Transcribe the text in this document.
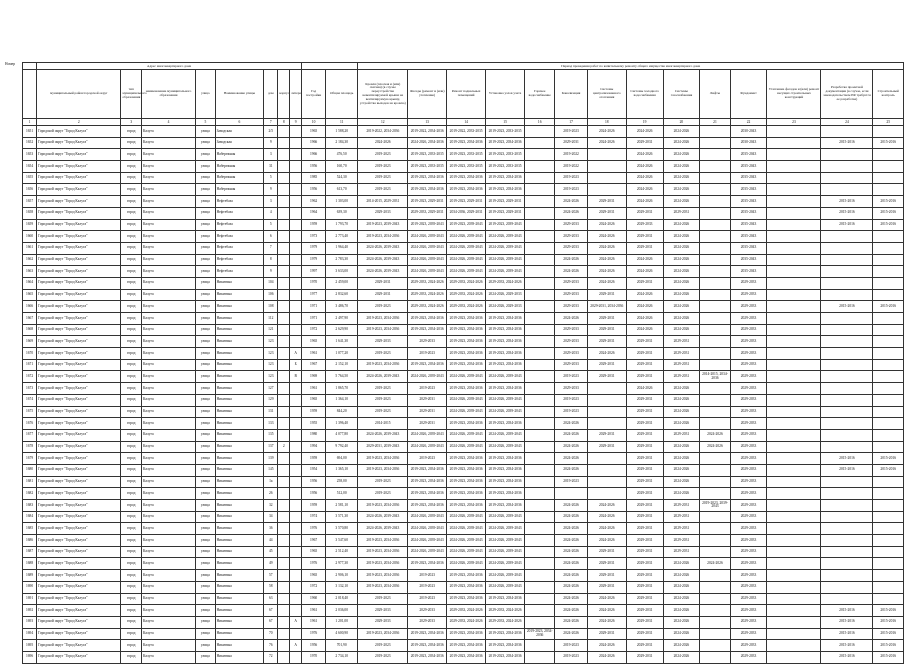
Номер
		Адрес многоквартирного дома										Период проведения работ по капитальному ремонту общего имущества многоквартирного дома													
	муниципальный район/городской округ	тип муниципального образования	наименование муниципального образования	улица	Наименование улицы	дом	корпус	литера	Год постройки	Общая площадь	Кровля (плоская и (или) скатная) (в случае переустройства невентилируемой крыши на вентилируемую крышу, устройства выходов на кровлю)	Фасады (ремонт и (или) утепление)	Ремонт подвальных помещений	Установка узлов учета	Горячее водоснабжение	Канализация	Системы централизованного отопления	Системы холодного водоснабжения	Системы газоснабжения	Лифты	Фундамент	Утепление фасадов и (или) ремонт несущих строительных конструкций	Разработка проектной документации (в случае, если законодательством РФ требуется ее разработка)	Строительный контроль
1	2	3	4	5	6	7	8	9	10	11	12	13	14	15	16	17	18	19	20	21	22	23	24	25
1651	Городской округ "Город Калуга"	город	Калуга	улица	Заводская	2/5			1965	1 588,20	2019-2022, 2034-2036	2019-2022, 2034-2036	2019-2022, 2033-2035	2019-2023, 2033-2035		2019-2023	2024-2026	2024-2026	2024-2026		2030-2043			
1652	Городской округ "Город Калуга"	город	Калуга	улица	Заводская	9			1966	2 184,30	2024-2026	2024-2026, 2034-2036	2019-2023, 2034-2036	2019-2023, 2034-2036		2029-2031	2024-2026	2029-2031	2024-2026		2030-2043		2015-2016	2015-2016
1653	Городской округ "Город Калуга"	город	Калуга	улица	Набережная	3			1966	476,50	2019-2023	2019-2023, 2033-2035	2019-2023, 2033-2035	2019-2023, 2033-2035		2019-2022		2024-2026	2024-2026		2035-2043			
1654	Городской округ "Город Калуга"	город	Калуга	улица	Набережная	31			1956	160,70	2019-2023	2019-2023, 2033-2035	2019-2023, 2033-2035	2019-2023, 2033-2035		2019-2022		2024-2026	2024-2026		2035-2043			
1655	Городской округ "Город Калуга"	город	Калуга	улица	Набережная	5			1985	524,30	2019-2023	2019-2023, 2034-2036	2019-2023, 2034-2036	2019-2023, 2034-2036		2019-2023		2024-2026	2024-2026		2035-2043			
1656	Городской округ "Город Калуга"	город	Калуга	улица	Набережная	9			1956	613,70	2019-2023	2019-2023, 2034-2036	2019-2023, 2034-2036	2019-2023, 2034-2036		2019-2023		2024-2026	2024-2026		2035-2043			
1657	Городской округ "Город Калуга"	город	Калуга	улица	Нефтебаза	3			1962	1 303,00	2014-2015, 2029-2031	2019-2023, 2029-2031	2019-2023, 2029-2031	2019-2023, 2029-2031		2024-2026	2029-2031	2024-2026	2024-2026		2035-2043		2015-2016	2015-2016
1658	Городской округ "Город Калуга"	город	Калуга	улица	Нефтебаза	4			1964	639,30	2029-2033	2029-2033, 2029-2031	2034-2036, 2029-2031	2019-2023, 2029-2031		2024-2026	2029-2031	2029-2031	2029-2031		2035-2043		2015-2016	2015-2016
1659	Городской округ "Город Калуга"	город	Калуга	улица	Нефтебаза	5			1959	1 793,70	2019-2023, 2039-2043	2019-2023, 2039-2043	2019-2023, 2039-2043	2019-2023, 2039-2043		2029-2033	2024-2026	2029-2033	2024-2026		2035-2043		2015-2016	2015-2016
1660	Городской округ "Город Калуга"	город	Калуга	улица	Нефтебаза	6			1973	2 773,40	2019-2023, 2034-2036	2024-2026, 2039-2043	2024-2026, 2039-2043	2024-2026, 2039-2043		2029-2033	2024-2026	2029-2031	2024-2026		2035-2043			
1661	Городской округ "Город Калуга"	город	Калуга	улица	Нефтебаза	7			1979	1 964,40	2024-2026, 2039-2043	2024-2026, 2039-2043	2024-2026, 2039-2043	2024-2026, 2039-2043		2029-2033	2024-2026	2029-2031	2024-2026		2035-2043			
1662	Городской округ "Город Калуга"	город	Калуга	улица	Нефтебаза	8			1979	2 783,30	2024-2026, 2039-2043	2024-2026, 2039-2043	2024-2026, 2039-2043	2024-2026, 2039-2043		2024-2026	2024-2026	2024-2026	2024-2026		2035-2043			
1663	Городской округ "Город Калуга"	город	Калуга	улица	Нефтебаза	9			1997	3 633,00	2024-2026, 2039-2043	2024-2026, 2039-2043	2024-2026, 2039-2043	2024-2026, 2039-2043		2024-2026	2024-2026	2024-2026	2024-2026		2035-2043			
1664	Городской округ "Город Калуга"	город	Калуга	улица	Никитина	104			1970	2 459,00	2029-2031	2029-2033, 2024-2026	2029-2033, 2024-2026	2029-2033, 2024-2026		2029-2033	2024-2026	2029-2031	2024-2026		2029-2033			
1665	Городской округ "Город Калуга"	город	Калуга	улица	Никитина	106			1977	2 832,60	2029-2031	2029-2033, 2024-2026	2029-2033, 2024-2026	2024-2026, 2029-2033		2029-2033	2029-2031	2024-2026	2024-2026		2029-2033			
1666	Городской округ "Город Калуга"	город	Калуга	улица	Никитина	108			1971	3 486,70	2019-2023	2029-2033, 2024-2026	2029-2033, 2024-2026	2024-2026, 2029-2033		2029-2033	2029-2031, 2034-2036	2024-2026	2024-2026		2029-2033		2015-2016	2015-2016
1667	Городской округ "Город Калуга"	город	Калуга	улица	Никитина	112			1971	2 497,90	2019-2023, 2034-2036	2019-2023, 2034-2036	2019-2023, 2034-2036	2019-2023, 2034-2036		2024-2026	2029-2031	2024-2026	2024-2026		2029-2033			
1668	Городской округ "Город Калуга"	город	Калуга	улица	Никитина	121			1972	2 629,90	2019-2023, 2034-2036	2019-2023, 2034-2036	2019-2023, 2034-2036	2019-2023, 2034-2036		2029-2033	2029-2031	2024-2026	2024-2026		2029-2033			
1669	Городской округ "Город Калуга"	город	Калуга	улица	Никитина	123			1965	1 641,30	2029-2033	2029-2033	2019-2023, 2034-2036	2019-2023, 2034-2036		2029-2033	2029-2031	2029-2031	2029-2031		2029-2033			
1670	Городской округ "Город Калуга"	город	Калуга	улица	Никитина	123		А	1961	1 077,20	2019-2023	2019-2023	2019-2023, 2034-2036	2019-2023, 2034-2036		2029-2033	2024-2026	2029-2031	2029-2031		2029-2033			
1671	Городской округ "Город Калуга"	город	Калуга	улица	Никитина	123		Б	1967	2 152,10	2019-2023, 2034-2036	2019-2023, 2034-2036	2019-2023, 2034-2036	2019-2023, 2034-2036		2029-2033	2029-2031	2029-2031	2029-2031		2029-2033			
1672	Городской округ "Город Калуга"	город	Калуга	улица	Никитина	123		В	1969	5 764,50	2024-2026, 2039-2043	2024-2026, 2039-2043	2024-2026, 2039-2043	2024-2026, 2039-2043		2019-2023	2029-2031	2029-2031	2029-2031	2014-2015, 2034-2036	2029-2033			
1673	Городской округ "Город Калуга"	город	Калуга	улица	Никитина	127			1961	1 865,70	2019-2023	2019-2023	2019-2023, 2034-2036	2019-2023, 2034-2036		2029-2033		2024-2026	2024-2026		2029-2033			
1674	Городской округ "Город Калуга"	город	Калуга	улица	Никитина	129			1965	1 364,10	2019-2023	2029-2031	2024-2026, 2039-2043	2024-2026, 2039-2043		2019-2023		2029-2031	2024-2026		2029-2033			
1675	Городской округ "Город Калуга"	город	Калуга	улица	Никитина	131			1959	844,20	2019-2023	2029-2031	2024-2026, 2039-2043	2024-2026, 2039-2043		2019-2023		2029-2031	2024-2026		2029-2033			
1676	Городской округ "Город Калуга"	город	Калуга	улица	Никитина	133			1955	1 396,40	2014-2015	2029-2031	2019-2023, 2034-2036	2019-2023, 2034-2036		2024-2026		2029-2031	2024-2026		2029-2033			
1677	Городской округ "Город Калуга"	город	Калуга	улица	Никитина	135			1980	4 077,80	2024-2026, 2039-2043	2024-2026, 2039-2043	2024-2026, 2039-2043	2024-2026, 2039-2043		2024-2026	2029-2031	2029-2031	2029-2031	2024-2026	2029-2033			
1678	Городской округ "Город Калуга"	город	Калуга	улица	Никитина	137	2		1994	9 792,40	2029-2031, 2039-2043	2024-2026, 2039-2043	2024-2026, 2039-2043	2024-2026, 2039-2043		2024-2026	2029-2031	2029-2031	2024-2026	2024-2026	2029-2033			
1679	Городской округ "Город Калуга"	город	Калуга	улица	Никитина	139			1959	694,00	2019-2023, 2034-2036	2019-2023	2019-2023, 2034-2036	2019-2023, 2034-2036		2024-2026		2029-2031	2024-2026		2029-2033		2015-2016	2015-2016
1680	Городской округ "Город Калуга"	город	Калуга	улица	Никитина	145			1954	1 365,10	2019-2023, 2034-2036	2019-2023, 2034-2036	2019-2023, 2034-2036	2019-2023, 2034-2036		2024-2026		2029-2031	2024-2026		2029-2033		2015-2016	2015-2016
1681	Городской округ "Город Калуга"	город	Калуга	улица	Никитина	1а			1956	258,00	2019-2023	2019-2023, 2034-2036	2019-2023, 2034-2036	2019-2023, 2034-2036		2019-2023		2029-2031	2024-2026		2029-2033			
1682	Городской округ "Город Калуга"	город	Калуга	улица	Никитина	26			1956	512,00	2019-2023	2019-2023, 2034-2036	2019-2023, 2034-2036	2019-2023, 2034-2036				2029-2031	2024-2026		2029-2033			
1683	Городской округ "Город Калуга"	город	Калуга	улица	Никитина	32			1959	2 581,10	2019-2023, 2034-2036	2019-2023, 2034-2036	2019-2023, 2034-2036	2019-2023, 2034-2036		2024-2026	2024-2026	2029-2031	2029-2031	2019-2023, 2039-2043	2029-2033			
1684	Городской округ "Город Калуга"	город	Калуга	улица	Никитина	34			1974	3 571,30	2024-2026, 2039-2043	2024-2026, 2039-2043	2024-2026, 2039-2043	2024-2026, 2039-2043		2024-2026	2024-2026	2029-2031	2029-2031		2029-2033			
1685	Городской округ "Город Калуга"	город	Калуга	улица	Никитина	36			1976	3 570,80	2024-2026, 2039-2043	2024-2026, 2039-2043	2024-2026, 2039-2043	2024-2026, 2039-2043		2024-2026	2024-2026	2029-2031	2029-2031		2029-2033			
1686	Городской округ "Город Калуга"	город	Калуга	улица	Никитина	44			1967	3 547,60	2019-2023, 2034-2036	2024-2026, 2039-2043	2024-2026, 2039-2043	2024-2026, 2039-2043		2024-2026	2024-2026	2029-2031	2029-2031		2029-2033			
1687	Городской округ "Город Калуга"	город	Калуга	улица	Никитина	45			1965	2 512,40	2019-2023, 2034-2036	2024-2026, 2039-2043	2024-2026, 2039-2043	2024-2026, 2039-2043		2024-2026	2029-2031	2029-2031	2029-2031		2029-2033			
1688	Городской округ "Город Калуга"	город	Калуга	улица	Никитина	49			1976	2 977,30	2019-2023, 2034-2036	2019-2023, 2034-2036	2024-2026, 2039-2043	2024-2026, 2039-2043		2024-2026	2029-2031	2029-2031	2024-2026	2024-2026	2029-2033			
1689	Городской округ "Город Калуга"	город	Калуга	улица	Никитина	57			1965	2 906,10	2019-2023, 2034-2036	2019-2023	2019-2023, 2034-2036	2024-2026, 2039-2043		2024-2026	2029-2031	2029-2031	2024-2026		2029-2033			
1690	Городской округ "Город Калуга"	город	Калуга	улица	Никитина	58			1972	3 132,10	2019-2023, 2034-2036	2019-2023	2019-2023, 2034-2036	2024-2026, 2039-2043		2024-2026	2029-2031	2029-2031	2024-2026		2029-2033			
1691	Городской округ "Город Калуга"	город	Калуга	улица	Никитина	63			1960	2 018,40	2019-2023	2019-2023	2019-2023, 2034-2036	2019-2023, 2034-2036		2024-2026	2024-2026	2029-2031	2024-2026		2029-2033			
1692	Городской округ "Город Калуга"	город	Калуга	улица	Никитина	67			1961	2 036,00	2029-2033	2029-2033	2029-2033, 2024-2026	2029-2033, 2024-2026		2024-2026	2024-2026	2029-2031	2024-2026		2029-2033		2015-2016	2015-2016
1693	Городской округ "Город Калуга"	город	Калуга	улица	Никитина	67		А	1961	1 201,00	2029-2033	2029-2033	2029-2033, 2024-2026	2029-2033, 2024-2026		2024-2026	2024-2026	2029-2031	2024-2026		2029-2033		2015-2016	2015-2016
1694	Городской округ "Город Калуга"	город	Калуга	улица	Никитина	70			1976	4 600,90	2019-2023, 2034-2036	2019-2023, 2034-2036	2019-2023, 2034-2036	2019-2023, 2034-2036	2019-2023, 2034-2036	2024-2026	2029-2031	2029-2031	2024-2026		2029-2033		2015-2016	2015-2016
1695	Городской округ "Город Калуга"	город	Калуга	улица	Никитина	76		А	1956	701,90	2019-2023	2019-2023, 2034-2036	2019-2023, 2034-2036	2019-2023, 2034-2036		2019-2023	2024-2026	2029-2031	2024-2026		2029-2033		2015-2016	2015-2016
1696	Городской округ "Город Калуга"	город	Калуга	улица	Никитина	72			1970	2 734,10	2019-2023	2019-2023, 2034-2036	2019-2023, 2034-2036	2019-2023, 2034-2036		2019-2023	2024-2026	2029-2031	2024-2026		2029-2033		2015-2016	2015-2016
